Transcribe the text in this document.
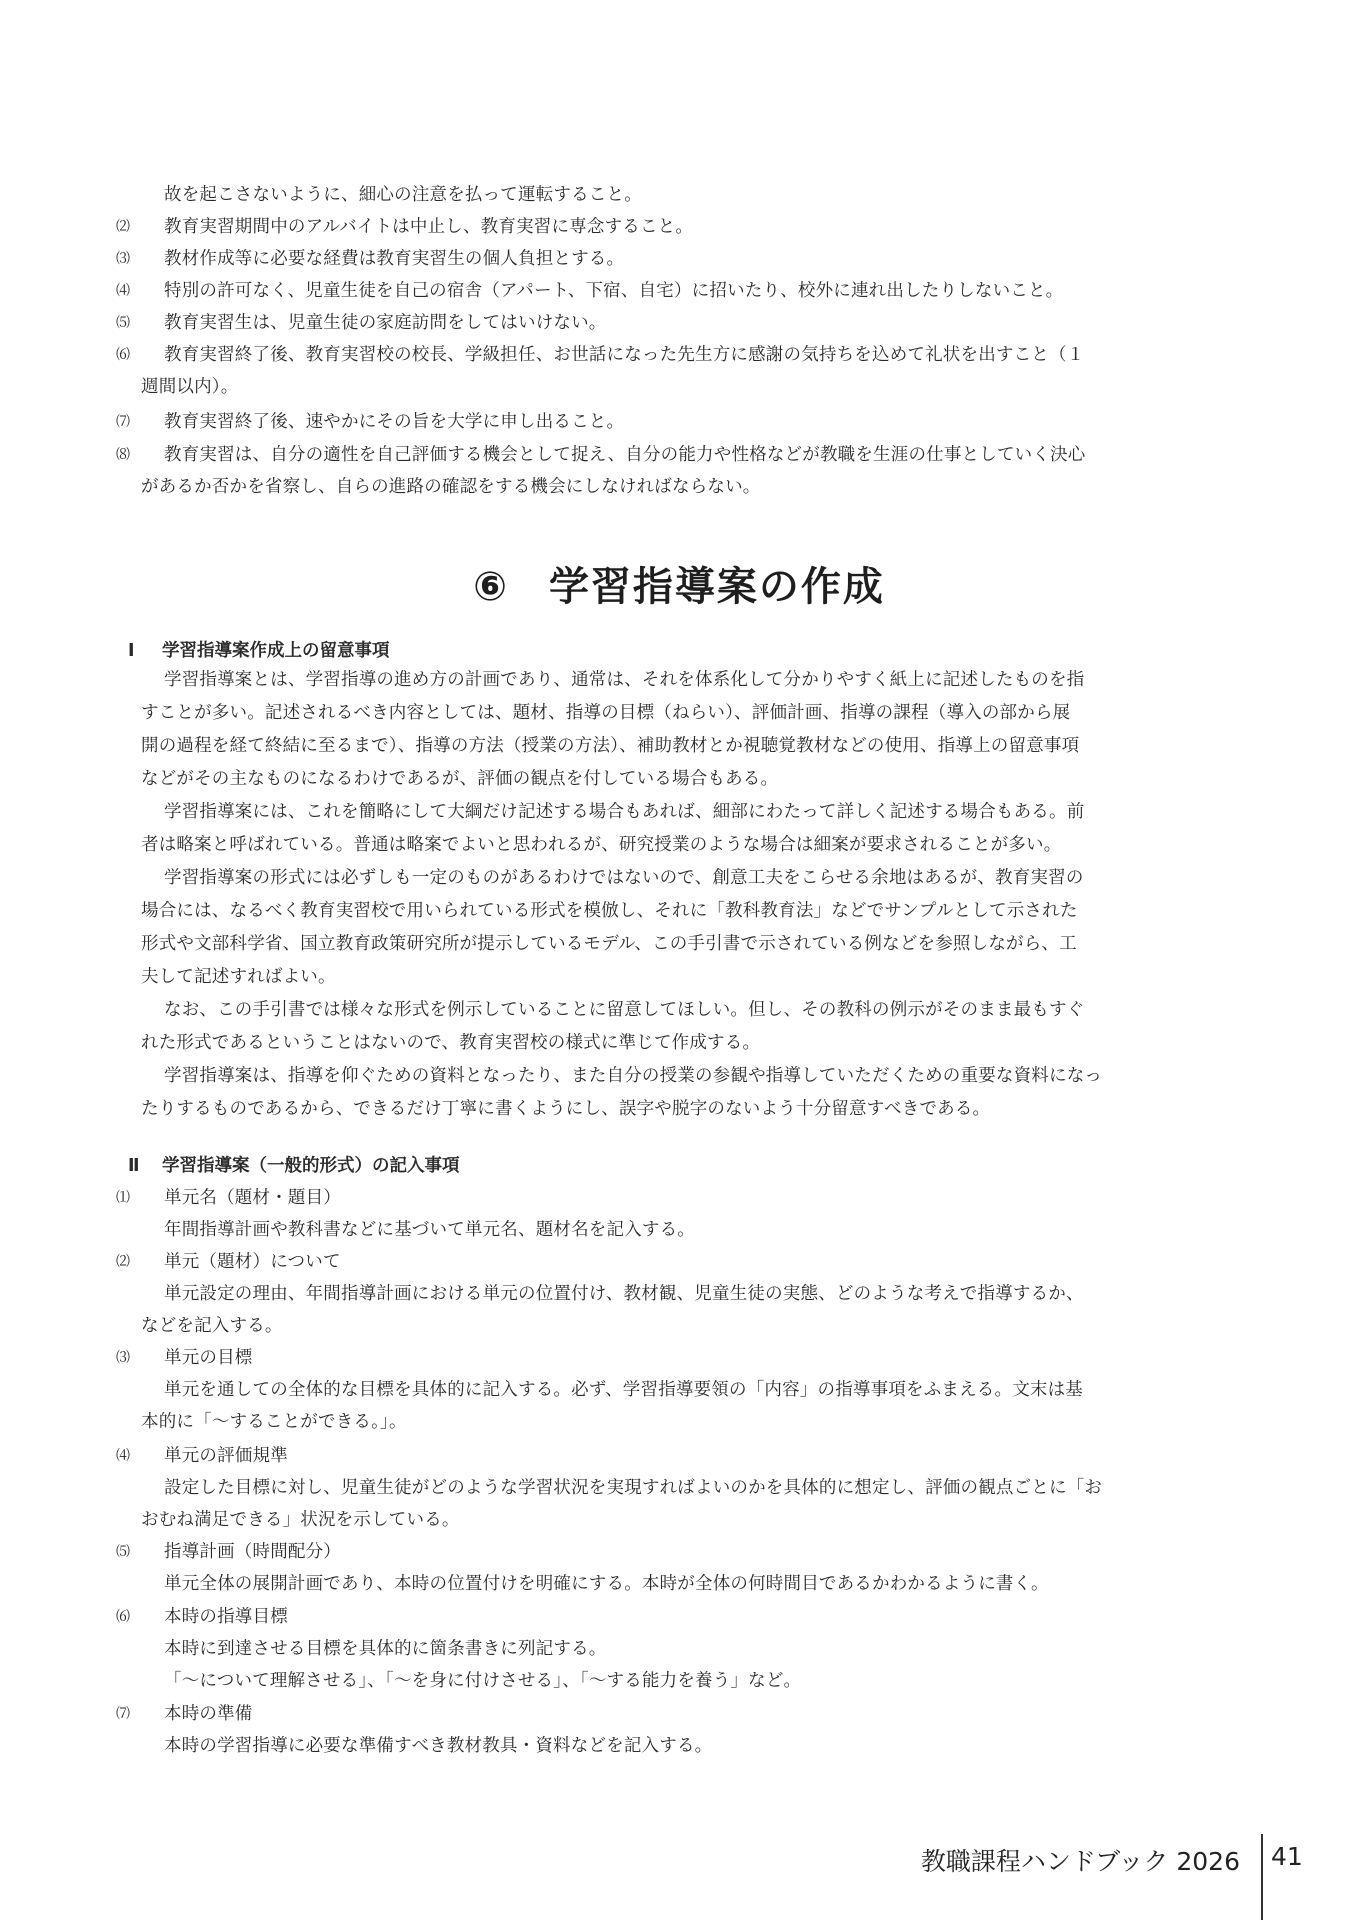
故を起こさないように、細心の注意を払って運転すること。
⑵ 教育実習期間中のアルバイトは中止し、教育実習に専念すること。
⑶ 教材作成等に必要な経費は教育実習生の個人負担とする。
⑷ 特別の許可なく、児童生徒を自己の宿舎（アパート、下宿、自宅）に招いたり、校外に連れ出したりしないこと。
⑸ 教育実習生は、児童生徒の家庭訪問をしてはいけない。
⑹ 教育実習終了後、教育実習校の校長、学級担任、お世話になった先生方に感謝の気持ちを込めて礼状を出すこと（１
週間以内）。
⑺ 教育実習終了後、速やかにその旨を大学に申し出ること。
⑻ 教育実習は、自分の適性を自己評価する機会として捉え、自分の能力や性格などが教職を生涯の仕事としていく決心
があるか否かを省察し、自らの進路の確認をする機会にしなければならない。
⑥ 学習指導案の作成
Ⅰ 学習指導案作成上の留意事項
学習指導案とは、学習指導の進め方の計画であり、通常は、それを体系化して分かりやすく紙上に記述したものを指
すことが多い。記述されるべき内容としては、題材、指導の目標（ねらい）、評価計画、指導の課程（導入の部から展
開の過程を経て終結に至るまで）、指導の方法（授業の方法）、補助教材とか視聴覚教材などの使用、指導上の留意事項
などがその主なものになるわけであるが、評価の観点を付している場合もある。
学習指導案には、これを簡略にして大綱だけ記述する場合もあれば、細部にわたって詳しく記述する場合もある。前
者は略案と呼ばれている。普通は略案でよいと思われるが、研究授業のような場合は細案が要求されることが多い。
学習指導案の形式には必ずしも一定のものがあるわけではないので、創意工夫をこらせる余地はあるが、教育実習の
場合には、なるべく教育実習校で用いられている形式を模倣し、それに「教科教育法」などでサンプルとして示された
形式や文部科学省、国立教育政策研究所が提示しているモデル、この手引書で示されている例などを参照しながら、工
夫して記述すればよい。
なお、この手引書では様々な形式を例示していることに留意してほしい。但し、その教科の例示がそのまま最もすぐ
れた形式であるということはないので、教育実習校の様式に準じて作成する。
学習指導案は、指導を仰ぐための資料となったり、また自分の授業の参観や指導していただくための重要な資料になっ
たりするものであるから、できるだけ丁寧に書くようにし、誤字や脱字のないよう十分留意すべきである。
Ⅱ 学習指導案（一般的形式）の記入事項
⑴ 単元名（題材・題目）
年間指導計画や教科書などに基づいて単元名、題材名を記入する。
⑵ 単元（題材）について
単元設定の理由、年間指導計画における単元の位置付け、教材観、児童生徒の実態、どのような考えで指導するか、
などを記入する。
⑶ 単元の目標
単元を通しての全体的な目標を具体的に記入する。必ず、学習指導要領の「内容」の指導事項をふまえる。文末は基
本的に「～することができる。」。
⑷ 単元の評価規準
設定した目標に対し、児童生徒がどのような学習状況を実現すればよいのかを具体的に想定し、評価の観点ごとに「お
おむね満足できる」状況を示している。
⑸ 指導計画（時間配分）
単元全体の展開計画であり、本時の位置付けを明確にする。本時が全体の何時間目であるかわかるように書く。
⑹ 本時の指導目標
本時に到達させる目標を具体的に箇条書きに列記する。
「～について理解させる」、「～を身に付けさせる」、「～する能力を養う」など。
⑺ 本時の準備
本時の学習指導に必要な準備すべき教材教具・資料などを記入する。
教職課程ハンドブック 2026 41
